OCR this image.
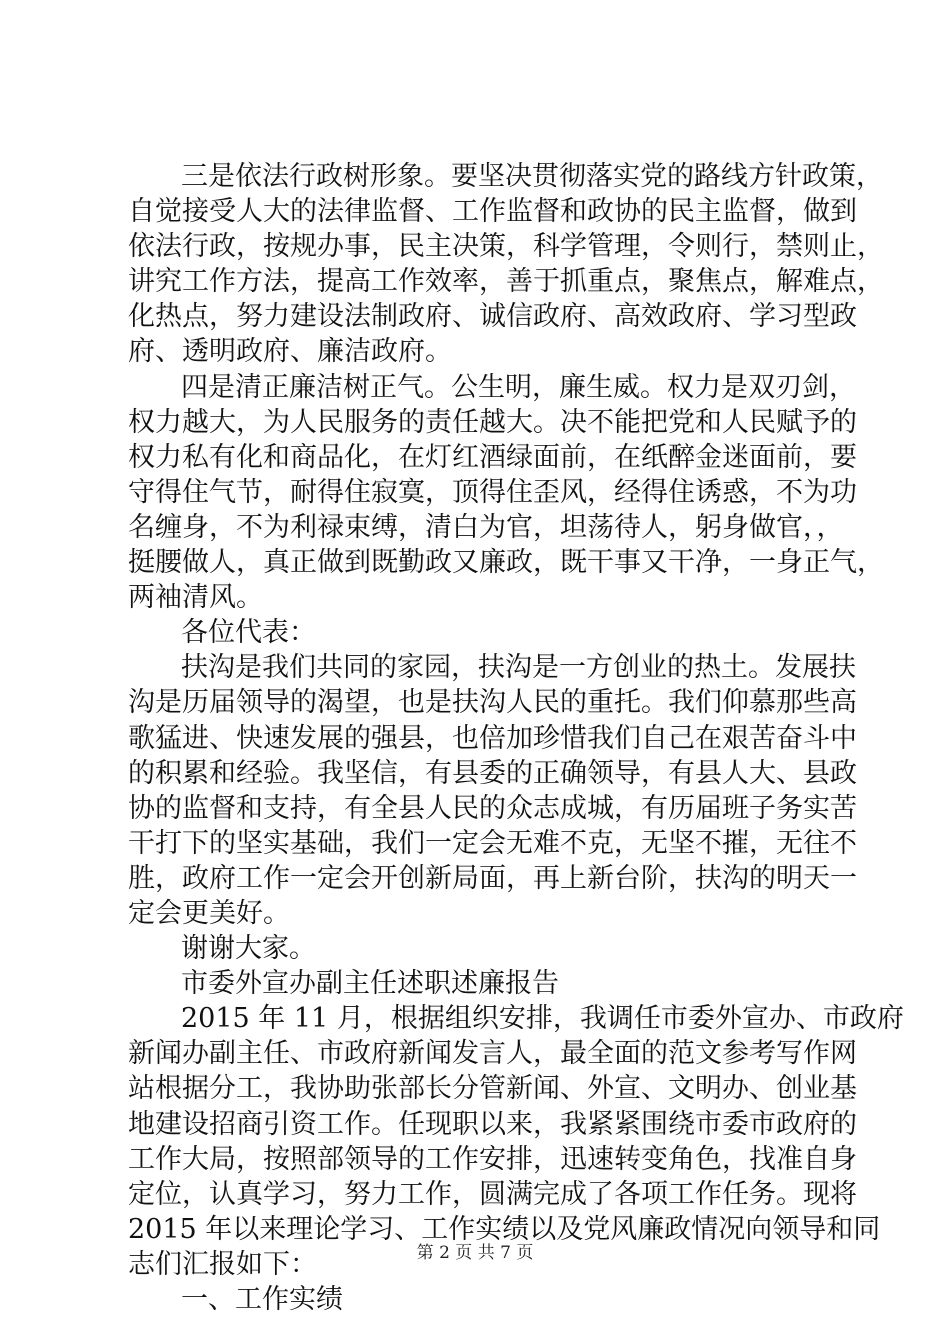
三是依法行政树形象。要坚决贯彻落实党的路线方针政策，
自觉接受人大的法律监督、工作监督和政协的民主监督，做到
依法行政，按规办事，民主决策，科学管理，令则行，禁则止，
讲究工作方法，提高工作效率，善于抓重点，聚焦点，解难点，
化热点，努力建设法制政府、诚信政府、高效政府、学习型政
府、透明政府、廉洁政府。
四是清正廉洁树正气。公生明，廉生威。权力是双刃剑，
权力越大，为人民服务的责任越大。决不能把党和人民赋予的
权力私有化和商品化，在灯红酒绿面前，在纸醉金迷面前，要
守得住气节，耐得住寂寞，顶得住歪风，经得住诱惑，不为功
名缠身，不为利禄束缚，清白为官，坦荡待人，躬身做官，，
挺腰做人，真正做到既勤政又廉政，既干事又干净，一身正气，
两袖清风。
各位代表：
扶沟是我们共同的家园，扶沟是一方创业的热土。发展扶
沟是历届领导的渴望，也是扶沟人民的重托。我们仰慕那些高
歌猛进、快速发展的强县，也倍加珍惜我们自己在艰苦奋斗中
的积累和经验。我坚信，有县委的正确领导，有县人大、县政
协的监督和支持，有全县人民的众志成城，有历届班子务实苦
干打下的坚实基础，我们一定会无难不克，无坚不摧，无往不
胜，政府工作一定会开创新局面，再上新台阶，扶沟的明天一
定会更美好。
谢谢大家。
市委外宣办副主任述职述廉报告
2015 年 11 月，根据组织安排，我调任市委外宣办、市政府
新闻办副主任、市政府新闻发言人，最全面的范文参考写作网
站根据分工，我协助张部长分管新闻、外宣、文明办、创业基
地建设招商引资工作。任现职以来，我紧紧围绕市委市政府的
工作大局，按照部领导的工作安排，迅速转变角色，找准自身
定位，认真学习，努力工作，圆满完成了各项工作任务。现将
2015 年以来理论学习、工作实绩以及党风廉政情况向领导和同
志们汇报如下：
一、工作实绩
第 2 页 共 7 页
